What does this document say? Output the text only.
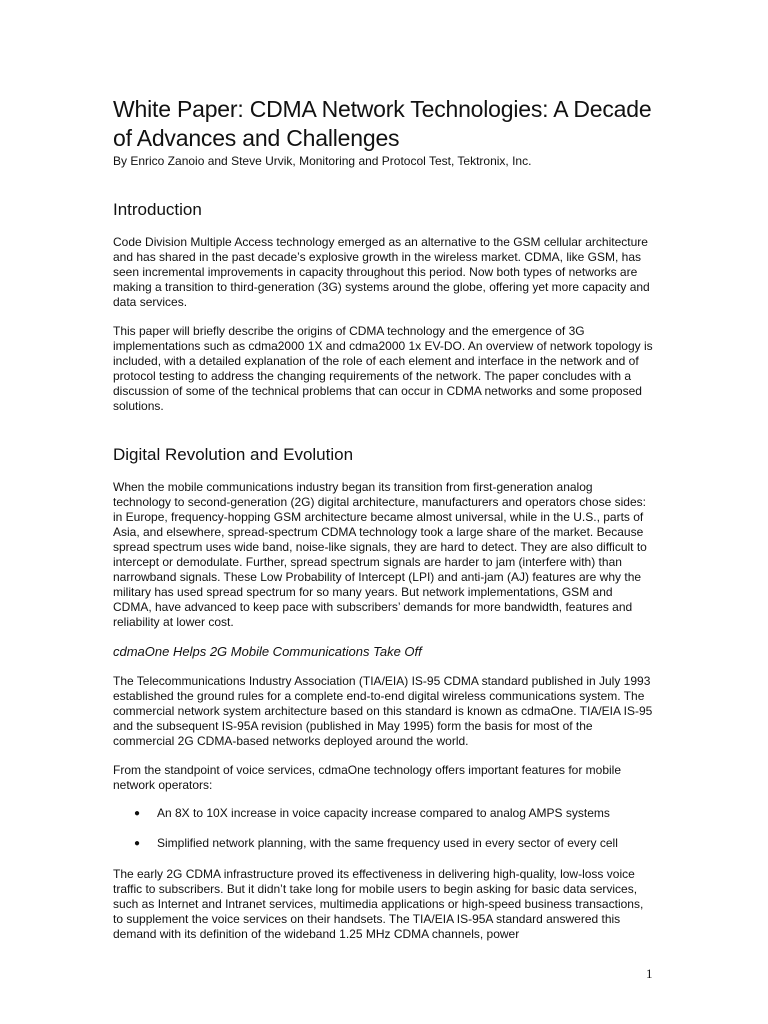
White Paper: CDMA Network Technologies: A Decade of Advances and Challenges

By Enrico Zanoio and Steve Urvik, Monitoring and Protocol Test, Tektronix, Inc.

Introduction

Code Division Multiple Access technology emerged as an alternative to the GSM cellular architecture and has shared in the past decade’s explosive growth in the wireless market. CDMA, like GSM, has seen incremental improvements in capacity throughout this period. Now both types of networks are making a transition to third-generation (3G) systems around the globe, offering yet more capacity and data services.

This paper will briefly describe the origins of CDMA technology and the emergence of 3G implementations such as cdma2000 1X and cdma2000 1x EV-DO. An overview of network topology is included, with a detailed explanation of the role of each element and interface in the network and of protocol testing to address the changing requirements of the network. The paper concludes with a discussion of some of the technical problems that can occur in CDMA networks and some proposed solutions.

Digital Revolution and Evolution

When the mobile communications industry began its transition from first-generation analog technology to second-generation (2G) digital architecture, manufacturers and operators chose sides: in Europe, frequency-hopping GSM architecture became almost universal, while in the U.S., parts of Asia, and elsewhere, spread-spectrum CDMA technology took a large share of the market. Because spread spectrum uses wide band, noise-like signals, they are hard to detect. They are also difficult to intercept or demodulate. Further, spread spectrum signals are harder to jam (interfere with) than narrowband signals. These Low Probability of Intercept (LPI) and anti-jam (AJ) features are why the military has used spread spectrum for so many years. But network implementations, GSM and CDMA, have advanced to keep pace with subscribers’ demands for more bandwidth, features and reliability at lower cost.

cdmaOne Helps 2G Mobile Communications Take Off

The Telecommunications Industry Association (TIA/EIA) IS-95 CDMA standard published in July 1993 established the ground rules for a complete end-to-end digital wireless communications system. The commercial network system architecture based on this standard is known as cdmaOne. TIA/EIA IS-95 and the subsequent IS-95A revision (published in May 1995) form the basis for most of the commercial 2G CDMA-based networks deployed around the world.

From the standpoint of voice services, cdmaOne technology offers important features for mobile network operators:

● An 8X to 10X increase in voice capacity increase compared to analog AMPS systems
● Simplified network planning, with the same frequency used in every sector of every cell

The early 2G CDMA infrastructure proved its effectiveness in delivering high-quality, low-loss voice traffic to subscribers. But it didn’t take long for mobile users to begin asking for basic data services, such as Internet and Intranet services, multimedia applications or high-speed business transactions, to supplement the voice services on their handsets. The TIA/EIA IS-95A standard answered this demand with its definition of the wideband 1.25 MHz CDMA channels, power

1
